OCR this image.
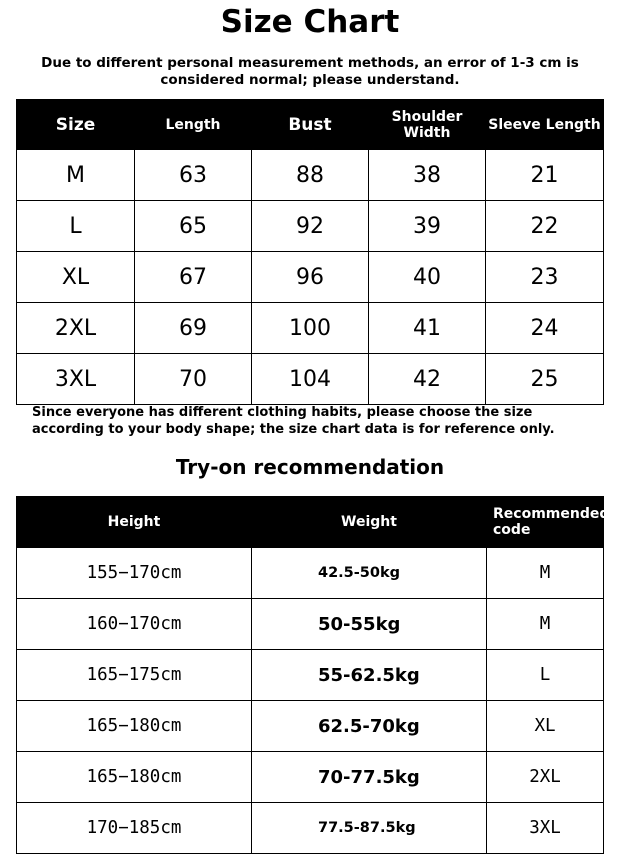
Size Chart
Due to different personal measurement methods, an error of 1-3 cm is considered normal; please understand.
Size	Length	Bust	Shoulder Width	Sleeve Length
M	63	88	38	21
L	65	92	39	22
XL	67	96	40	23
2XL	69	100	41	24
3XL	70	104	42	25
Since everyone has different clothing habits, please choose the size according to your body shape; the size chart data is for reference only.
Try-on recommendation
Height	Weight	Recommended code
155−170cm	42.5-50kg	M
160−170cm	50-55kg	M
165−175cm	55-62.5kg	L
165−180cm	62.5-70kg	XL
165−180cm	70-77.5kg	2XL
170−185cm	77.5-87.5kg	3XL
